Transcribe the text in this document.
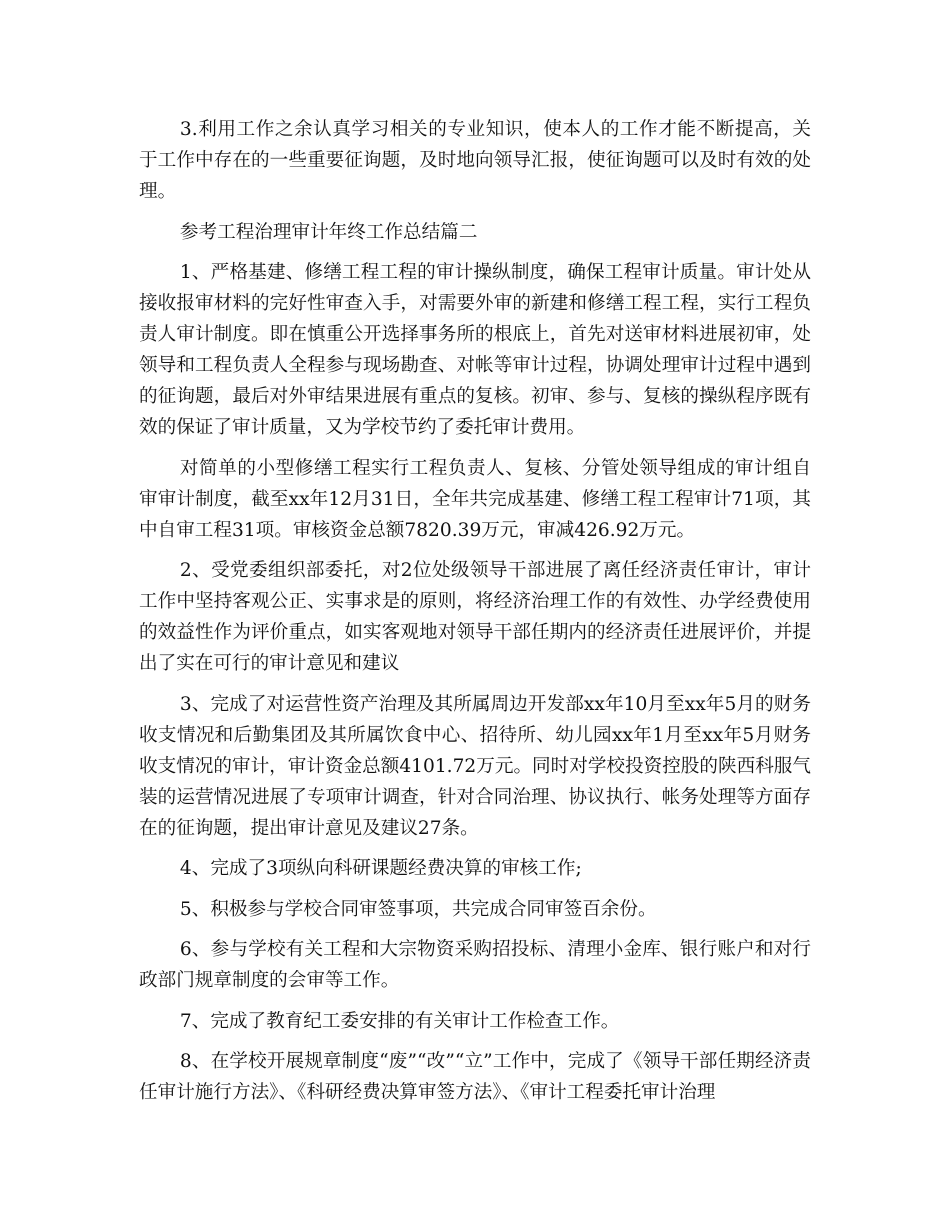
3.利用工作之余认真学习相关的专业知识，使本人的工作才能不断提高，关于工作中存在的一些重要征询题，及时地向领导汇报，使征询题可以及时有效的处理。

参考工程治理审计年终工作总结篇二

1、严格基建、修缮工程工程的审计操纵制度，确保工程审计质量。审计处从接收报审材料的完好性审查入手，对需要外审的新建和修缮工程工程，实行工程负责人审计制度。即在慎重公开选择事务所的根底上，首先对送审材料进展初审，处领导和工程负责人全程参与现场勘查、对帐等审计过程，协调处理审计过程中遇到的征询题，最后对外审结果进展有重点的复核。初审、参与、复核的操纵程序既有效的保证了审计质量，又为学校节约了委托审计费用。

对简单的小型修缮工程实行工程负责人、复核、分管处领导组成的审计组自审审计制度，截至xx年12月31日，全年共完成基建、修缮工程工程审计71项，其中自审工程31项。审核资金总额7820.39万元，审减426.92万元。

2、受党委组织部委托，对2位处级领导干部进展了离任经济责任审计，审计工作中坚持客观公正、实事求是的原则，将经济治理工作的有效性、办学经费使用的效益性作为评价重点，如实客观地对领导干部任期内的经济责任进展评价，并提出了实在可行的审计意见和建议

3、完成了对运营性资产治理及其所属周边开发部xx年10月至xx年5月的财务收支情况和后勤集团及其所属饮食中心、招待所、幼儿园xx年1月至xx年5月财务收支情况的审计，审计资金总额4101.72万元。同时对学校投资控股的陕西科服气装的运营情况进展了专项审计调查，针对合同治理、协议执行、帐务处理等方面存在的征询题，提出审计意见及建议27条。

4、完成了3项纵向科研课题经费决算的审核工作;

5、积极参与学校合同审签事项，共完成合同审签百余份。

6、参与学校有关工程和大宗物资采购招投标、清理小金库、银行账户和对行政部门规章制度的会审等工作。

7、完成了教育纪工委安排的有关审计工作检查工作。

8、在学校开展规章制度“废”“改”“立”工作中，完成了《领导干部任期经济责任审计施行方法》、《科研经费决算审签方法》、《审计工程委托审计治理
